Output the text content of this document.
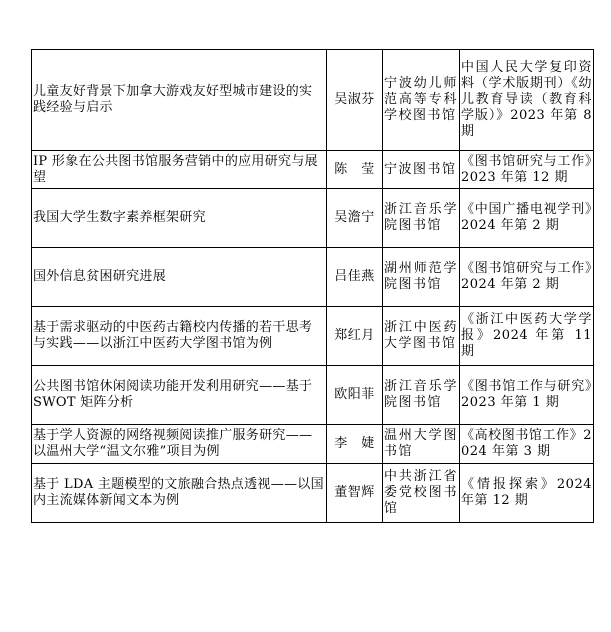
儿童友好背景下加拿大游戏友好型城市建设的实践经验与启示	吴淑芬	宁波幼儿师范高等专科学校图书馆	中国人民大学复印资料（学术版期刊）《幼儿教育导读（教育科学版）》2023 年第 8 期
IP 形象在公共图书馆服务营销中的应用研究与展望	陈　莹	宁波图书馆	《图书馆研究与工作》2023 年第 12 期
我国大学生数字素养框架研究	吴澹宁	浙江音乐学院图书馆	《中国广播电视学刊》2024 年第 2 期
国外信息贫困研究进展	吕佳燕	湖州师范学院图书馆	《图书馆研究与工作》2024 年第 2 期
基于需求驱动的中医药古籍校内传播的若干思考与实践——以浙江中医药大学图书馆为例	郑红月	浙江中医药大学图书馆	《浙江中医药大学学报》2024 年第 11 期
公共图书馆休闲阅读功能开发利用研究——基于 SWOT 矩阵分析	欧阳菲	浙江音乐学院图书馆	《图书馆工作与研究》2023 年第 1 期
基于学人资源的网络视频阅读推广服务研究——以温州大学“温文尔雅”项目为例	李　婕	温州大学图书馆	《高校图书馆工作》2024 年第 3 期
基于 LDA 主题模型的文旅融合热点透视——以国内主流媒体新闻文本为例	董智辉	中共浙江省委党校图书馆	《情报探索》2024 年第 12 期
